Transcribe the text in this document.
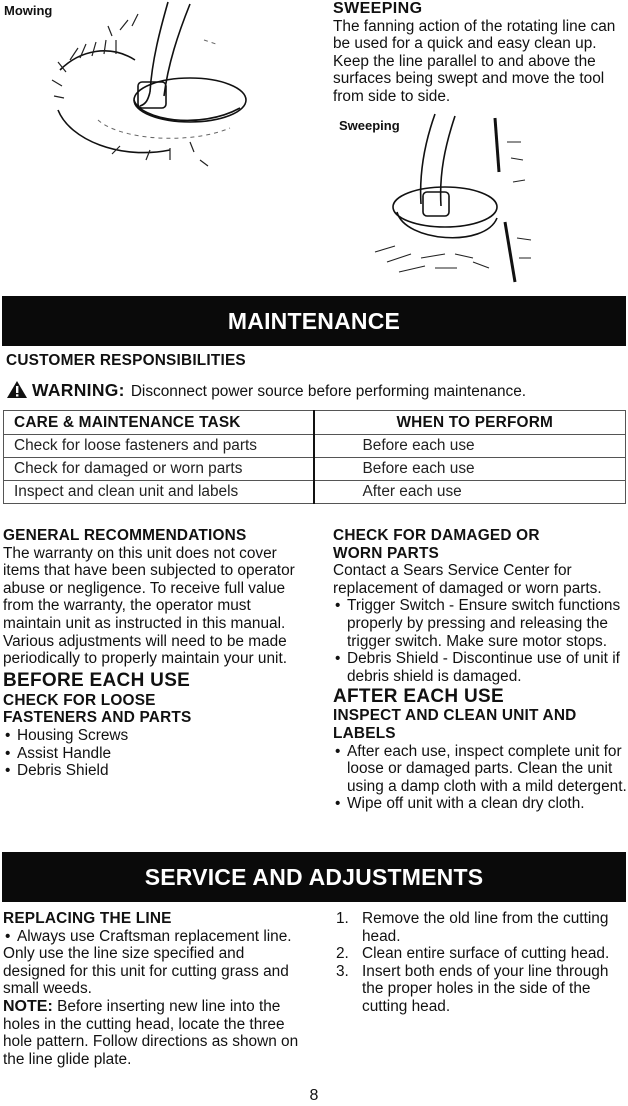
Mowing	SWEEPING
The fanning action of the rotating line can be used for a quick and easy clean up. Keep the line parallel to and above the surfaces being swept and move the tool from side to side.
Sweeping
MAINTENANCE
CUSTOMER RESPONSIBILITIES
WARNING: Disconnect power source before performing maintenance.
CARE & MAINTENANCE TASK	WHEN TO PERFORM
Check for loose fasteners and parts	Before each use
Check for damaged or worn parts	Before each use
Inspect and clean unit and labels	After each use
GENERAL RECOMMENDATIONS
The warranty on this unit does not cover items that have been subjected to operator abuse or negligence. To receive full value from the warranty, the operator must maintain unit as instructed in this manual. Various adjustments will need to be made periodically to properly maintain your unit.
BEFORE EACH USE
CHECK FOR LOOSE
FASTENERS AND PARTS
• Housing Screws
• Assist Handle
• Debris Shield
CHECK FOR DAMAGED OR
WORN PARTS
Contact a Sears Service Center for replacement of damaged or worn parts.
• Trigger Switch - Ensure switch functions properly by pressing and releasing the trigger switch. Make sure motor stops.
• Debris Shield - Discontinue use of unit if debris shield is damaged.
AFTER EACH USE
INSPECT AND CLEAN UNIT AND
LABELS
• After each use, inspect complete unit for loose or damaged parts. Clean the unit using a damp cloth with a mild detergent.
• Wipe off unit with a clean dry cloth.
SERVICE AND ADJUSTMENTS
REPLACING THE LINE
• Always use Craftsman replacement line.
Only use the line size specified and designed for this unit for cutting grass and small weeds.
NOTE: Before inserting new line into the holes in the cutting head, locate the three hole pattern. Follow directions as shown on the line glide plate.
1. Remove the old line from the cutting head.
2. Clean entire surface of cutting head.
3. Insert both ends of your line through the proper holes in the side of the cutting head.
8
